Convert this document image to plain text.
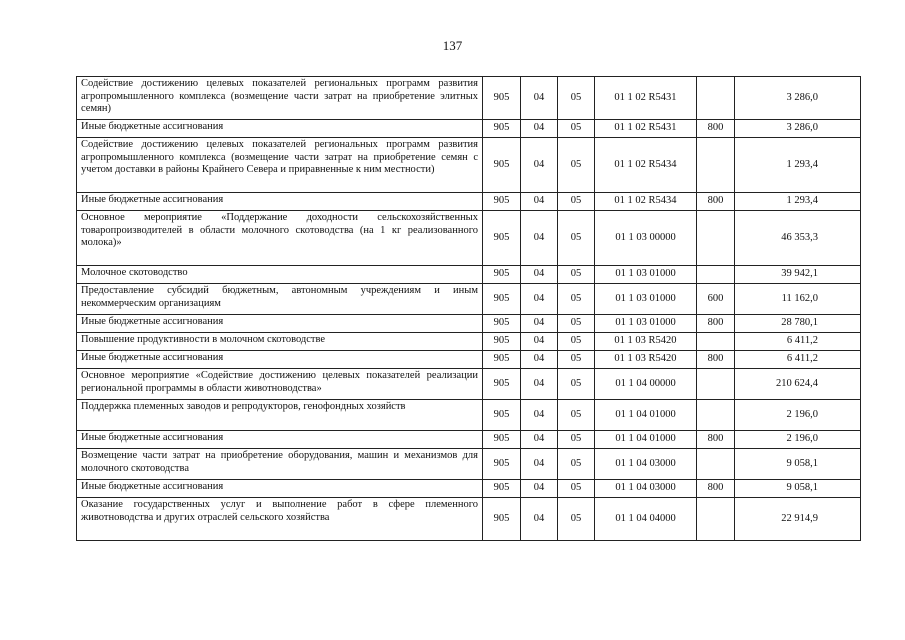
137
Содействие достижению целевых показателей региональных программ развития агропромышленного комплекса (возмещение части затрат на приобретение элитных семян)	905	04	05	01 1 02 R5431		3 286,0
Иные бюджетные ассигнования	905	04	05	01 1 02 R5431	800	3 286,0
Содействие достижению целевых показателей региональных программ развития агропромышленного комплекса (возмещение части затрат на приобретение семян с учетом доставки в районы Крайнего Севера и приравненные к ним местности)	905	04	05	01 1 02 R5434		1 293,4
Иные бюджетные ассигнования	905	04	05	01 1 02 R5434	800	1 293,4
Основное мероприятие «Поддержание доходности сельскохозяйственных товаропроизводителей в области молочного скотоводства (на 1 кг реализованного молока)»	905	04	05	01 1 03 00000		46 353,3
Молочное скотоводство	905	04	05	01 1 03 01000		39 942,1
Предоставление субсидий бюджетным, автономным учреждениям и иным некоммерческим организациям	905	04	05	01 1 03 01000	600	11 162,0
Иные бюджетные ассигнования	905	04	05	01 1 03 01000	800	28 780,1
Повышение продуктивности в молочном скотоводстве	905	04	05	01 1 03 R5420		6 411,2
Иные бюджетные ассигнования	905	04	05	01 1 03 R5420	800	6 411,2
Основное мероприятие «Содействие достижению целевых показателей реализации региональной программы в области животноводства»	905	04	05	01 1 04 00000		210 624,4
Поддержка племенных заводов и репродукторов, генофондных хозяйств	905	04	05	01 1 04 01000		2 196,0
Иные бюджетные ассигнования	905	04	05	01 1 04 01000	800	2 196,0
Возмещение части затрат на приобретение оборудования, машин и механизмов для молочного скотоводства	905	04	05	01 1 04 03000		9 058,1
Иные бюджетные ассигнования	905	04	05	01 1 04 03000	800	9 058,1
Оказание государственных услуг и выполнение работ в сфере племенного животноводства и других отраслей сельского хозяйства	905	04	05	01 1 04 04000		22 914,9
